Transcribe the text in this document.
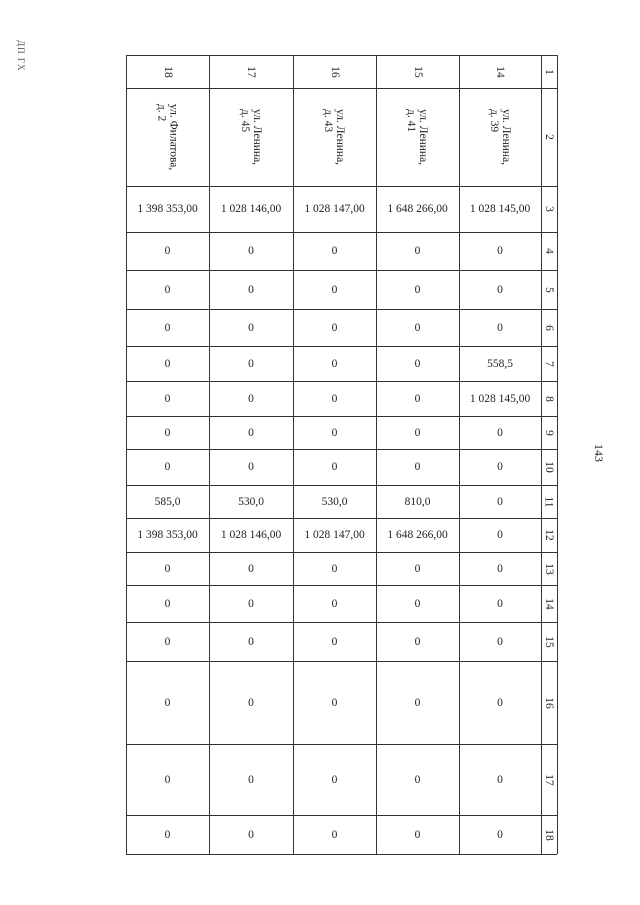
ДП ГХ
143
1
2
3
4
5
6
7
8
9
10
11
12
13
14
15
16
17
18
14
ул. Ленина,
д. 39
1 028 145,00
0
0
0
558,5
1 028 145,00
0
0
0
0
0
0
0
0
0
0
15
ул. Ленина,
д. 41
1 648 266,00
0
0
0
0
0
0
0
810,0
1 648 266,00
0
0
0
0
0
0
16
ул. Ленина,
д. 43
1 028 147,00
0
0
0
0
0
0
0
530,0
1 028 147,00
0
0
0
0
0
0
17
ул. Ленина,
д. 45
1 028 146,00
0
0
0
0
0
0
0
530,0
1 028 146,00
0
0
0
0
0
0
18
ул. Филатова,
д. 2
1 398 353,00
0
0
0
0
0
0
0
585,0
1 398 353,00
0
0
0
0
0
0
